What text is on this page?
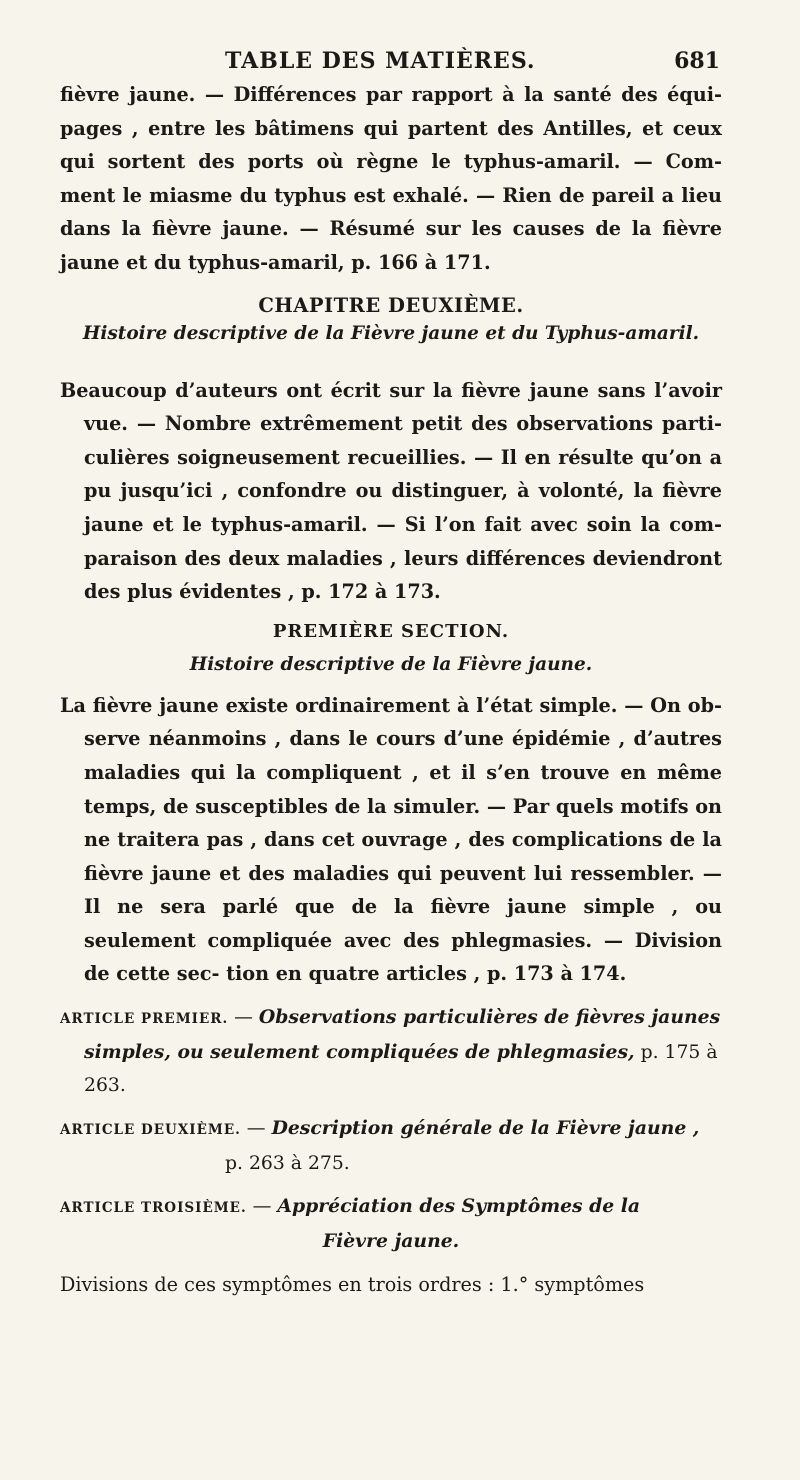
TABLE DES MATIÈRES.	681

fièvre jaune. — Différences par rapport à la santé des équi- pages , entre les bâtimens qui partent des Antilles, et ceux qui sortent des ports où règne le typhus-amaril. — Com- ment le miasme du typhus est exhalé. — Rien de pareil a lieu dans la fièvre jaune. — Résumé sur les causes de la fièvre jaune et du typhus-amaril, p. 166 à 171.

CHAPITRE DEUXIÈME.

Histoire descriptive de la Fièvre jaune et du Typhus-amaril.

Beaucoup d’auteurs ont écrit sur la fièvre jaune sans l’avoir vue. — Nombre extrêmement petit des observations parti- culières soigneusement recueillies. — Il en résulte qu’on a pu jusqu’ici , confondre ou distinguer, à volonté, la fièvre jaune et le typhus-amaril. — Si l’on fait avec soin la com- paraison des deux maladies , leurs différences deviendront des plus évidentes , p. 172 à 173.

PREMIÈRE SECTION.

Histoire descriptive de la Fièvre jaune.

La fièvre jaune existe ordinairement à l’état simple. — On ob- serve néanmoins , dans le cours d’une épidémie , d’autres maladies qui la compliquent , et il s’en trouve en même temps, de susceptibles de la simuler. — Par quels motifs on ne traitera pas , dans cet ouvrage , des complications de la fièvre jaune et des maladies qui peuvent lui ressembler. — Il ne sera parlé que de la fièvre jaune simple , ou seulement compliquée avec des phlegmasies. — Division de cette sec- tion en quatre articles , p. 173 à 174.

ARTICLE PREMIER. — Observations particulières de fièvres jaunes simples, ou seulement compliquées de phlegmasies, p. 175 à 263.

ARTICLE DEUXIÈME. — Description générale de la Fièvre jaune ,
p. 263 à 275.

ARTICLE TROISIÈME. — Appréciation des Symptômes de la

Fièvre jaune.

Divisions de ces symptômes en trois ordres : 1.° symptômes
